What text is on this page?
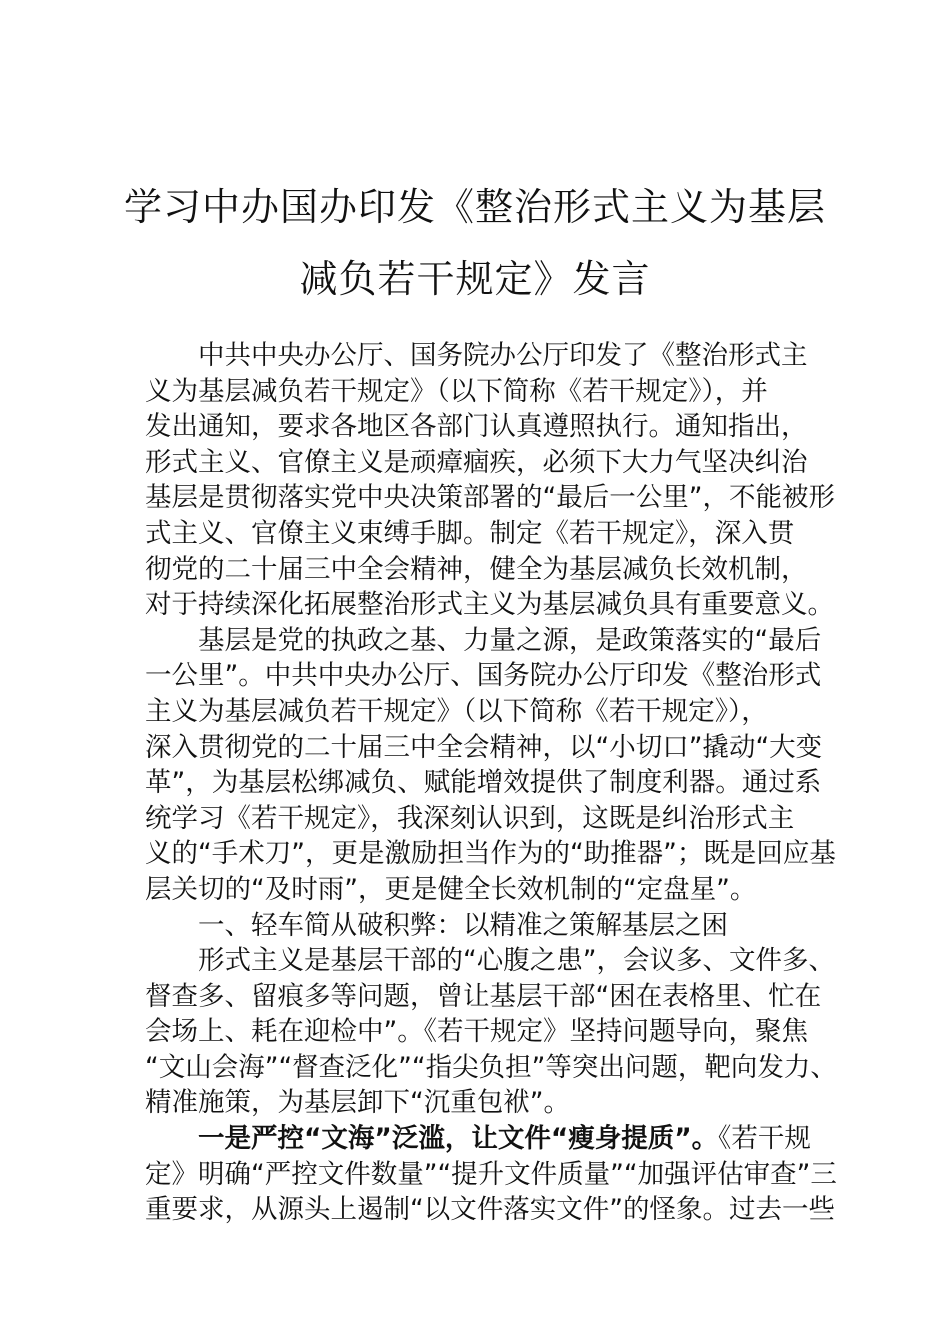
学习中办国办印发《整治形式主义为基层
减负若干规定》发言
中共中央办公厅、国务院办公厅印发了《整治形式主
义为基层减负若干规定》（以下简称《若干规定》），并
发出通知，要求各地区各部门认真遵照执行。通知指出，
形式主义、官僚主义是顽瘴痼疾，必须下大力气坚决纠治
基层是贯彻落实党中央决策部署的“最后一公里”，不能被形
式主义、官僚主义束缚手脚。制定《若干规定》，深入贯
彻党的二十届三中全会精神，健全为基层减负长效机制，
对于持续深化拓展整治形式主义为基层减负具有重要意义。
基层是党的执政之基、力量之源，是政策落实的“最后
一公里”。中共中央办公厅、国务院办公厅印发《整治形式
主义为基层减负若干规定》（以下简称《若干规定》），
深入贯彻党的二十届三中全会精神，以“小切口”撬动“大变
革”，为基层松绑减负、赋能增效提供了制度利器。通过系
统学习《若干规定》，我深刻认识到，这既是纠治形式主
义的“手术刀”，更是激励担当作为的“助推器”；既是回应基
层关切的“及时雨”，更是健全长效机制的“定盘星”。
一、轻车简从破积弊：以精准之策解基层之困
形式主义是基层干部的“心腹之患”，会议多、文件多、
督查多、留痕多等问题，曾让基层干部“困在表格里、忙在
会场上、耗在迎检中”。《若干规定》坚持问题导向，聚焦
“文山会海”“督查泛化”“指尖负担”等突出问题，靶向发力、
精准施策，为基层卸下“沉重包袱”。
一是严控“文海”泛滥，让文件“瘦身提质”。《若干规
定》明确“严控文件数量”“提升文件质量”“加强评估审查”三
重要求，从源头上遏制“以文件落实文件”的怪象。过去一些
